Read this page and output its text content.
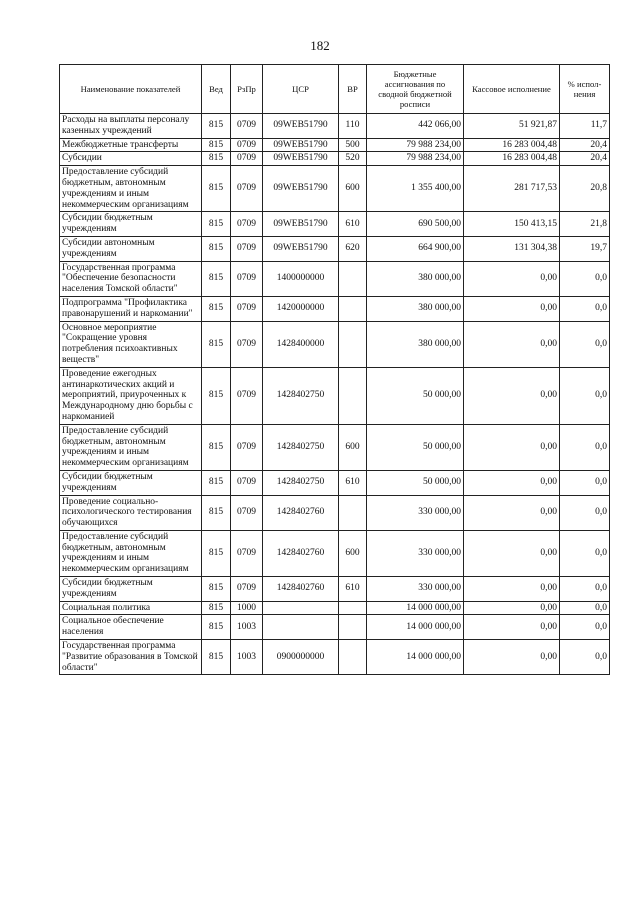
182
Наименование показателей	Вед	РзПр	ЦСР	ВР	Бюджетные ассигнования по сводной бюджетной росписи	Кассовое исполнение	% испол-нения
Расходы на выплаты персоналу казенных учреждений	815	0709	09WEB51790	110	442 066,00	51 921,87	11,7
Межбюджетные трансферты	815	0709	09WEB51790	500	79 988 234,00	16 283 004,48	20,4
Субсидии	815	0709	09WEB51790	520	79 988 234,00	16 283 004,48	20,4
Предоставление субсидий бюджетным, автономным учреждениям и иным некоммерческим организациям	815	0709	09WEB51790	600	1 355 400,00	281 717,53	20,8
Субсидии бюджетным учреждениям	815	0709	09WEB51790	610	690 500,00	150 413,15	21,8
Субсидии автономным учреждениям	815	0709	09WEB51790	620	664 900,00	131 304,38	19,7
Государственная программа "Обеспечение безопасности населения Томской области"	815	0709	1400000000		380 000,00	0,00	0,0
Подпрограмма "Профилактика правонарушений и наркомании"	815	0709	1420000000		380 000,00	0,00	0,0
Основное мероприятие "Сокращение уровня потребления психоактивных веществ"	815	0709	1428400000		380 000,00	0,00	0,0
Проведение ежегодных антинаркотических акций и мероприятий, приуроченных к Международному дню борьбы с наркоманией	815	0709	1428402750		50 000,00	0,00	0,0
Предоставление субсидий бюджетным, автономным учреждениям и иным некоммерческим организациям	815	0709	1428402750	600	50 000,00	0,00	0,0
Субсидии бюджетным учреждениям	815	0709	1428402750	610	50 000,00	0,00	0,0
Проведение социально-психологического тестирования обучающихся	815	0709	1428402760		330 000,00	0,00	0,0
Предоставление субсидий бюджетным, автономным учреждениям и иным некоммерческим организациям	815	0709	1428402760	600	330 000,00	0,00	0,0
Субсидии бюджетным учреждениям	815	0709	1428402760	610	330 000,00	0,00	0,0
Социальная политика	815	1000			14 000 000,00	0,00	0,0
Социальное обеспечение населения	815	1003			14 000 000,00	0,00	0,0
Государственная программа "Развитие образования в Томской области"	815	1003	0900000000		14 000 000,00	0,00	0,0
